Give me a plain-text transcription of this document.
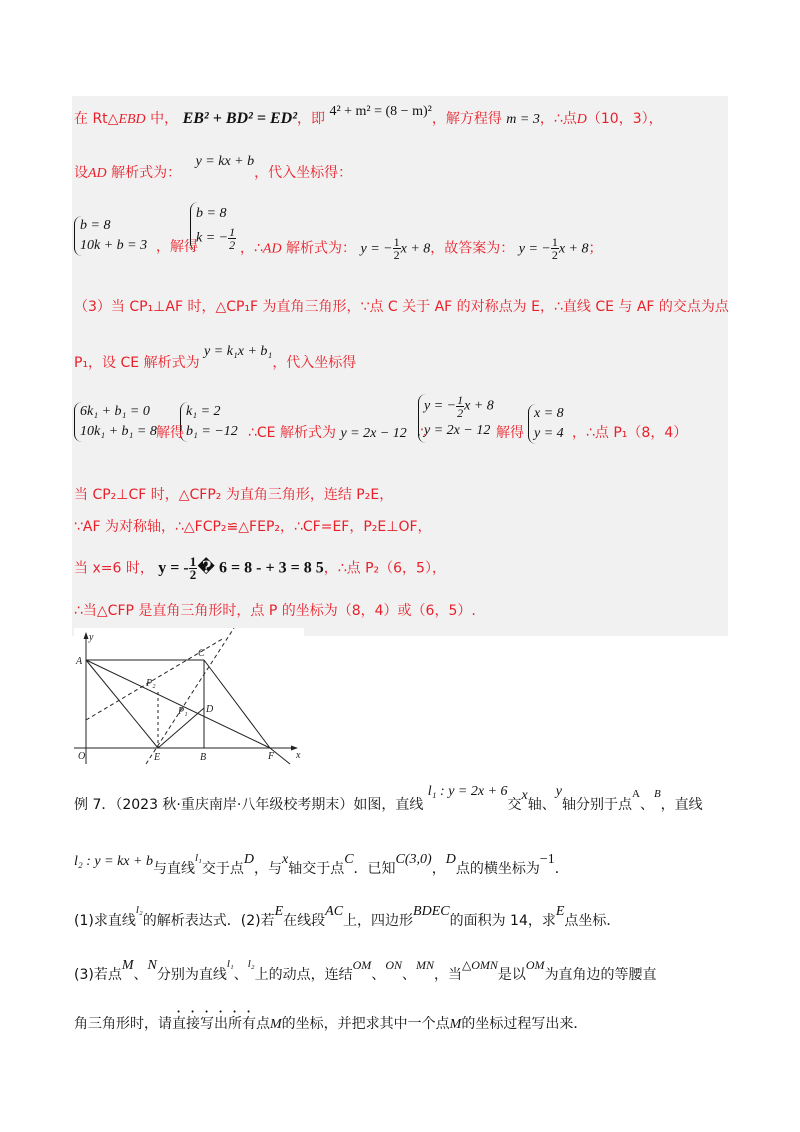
在 Rt△EBD 中， EB² + BD² = ED²，即 4² + m² = (8 − m)²，解方程得 m = 3，∴点D（10，3），
设AD 解析式为： y = kx + b，代入坐标得：
b = 8
10k + b = 3 ，解得
b = 8
k = − $\frac{1}{2}$ ，∴AD 解析式为： y = − $\frac{1}{2}$ x + 8，故答案为： y = − $\frac{1}{2}$ x + 8；
（3）当 CP₁⊥AF 时，△CP₁F 为直角三角形，∵点 C 关于 AF 的对称点为 E，∴直线 CE 与 AF 的交点为点
P₁，设 CE 解析式为 y = k₁x + b₁，代入坐标得
6k₁ + b₁ = 0
10k₁ + b₁ = 8
k₁ = 2
b₁ = −12
解得	∴CE 解析式为 y = 2x − 12 ∴
y = − $\frac{1}{2}$ x + 8
y = 2x − 12 解得
x = 8
y = 4 ，∴点 P₁（8，4）
当 CP₂⊥CF 时，△CFP₂ 为直角三角形，连结 P₂E，
∵AF 为对称轴，∴△FCP₂≌△FEP₂，∴CF=EF，P₂E⊥OF，
当 x=6 时， y = - $\frac{1}{2}$ � 6 = 8 - + 3 = 8 5，∴点 P₂（6，5），
∴当△CFP 是直角三角形时，点 P 的坐标为（8，4）或（6，5）.
y
A
C
P₂
P₁ D
O	E	B	F x
例 7．（2023 秋·重庆南岸·八年级校考期末）如图，直线 l₁ : y = 2x + 6交x轴、y轴分别于点$^A$、$^B$，直线
l₂ : y = kx + b与直线$^{l_1}$交于点D，与x轴交于点C．已知C(3,0)，D点的横坐标为−1．
(1)求直线$^{l_2}$的解析表达式．(2)若E在线段AC上，四边形BDEC的面积为 14，求E点坐标．
(3)若点M、N分别为直线$^{l_1}$、$^{l_2}$上的动点，连结OM、ON、MN，当△OMN是以OM为直角边的等腰直
角三角形时，请直接写出所有点M的坐标，并把求其中一个点M的坐标过程写出来．
